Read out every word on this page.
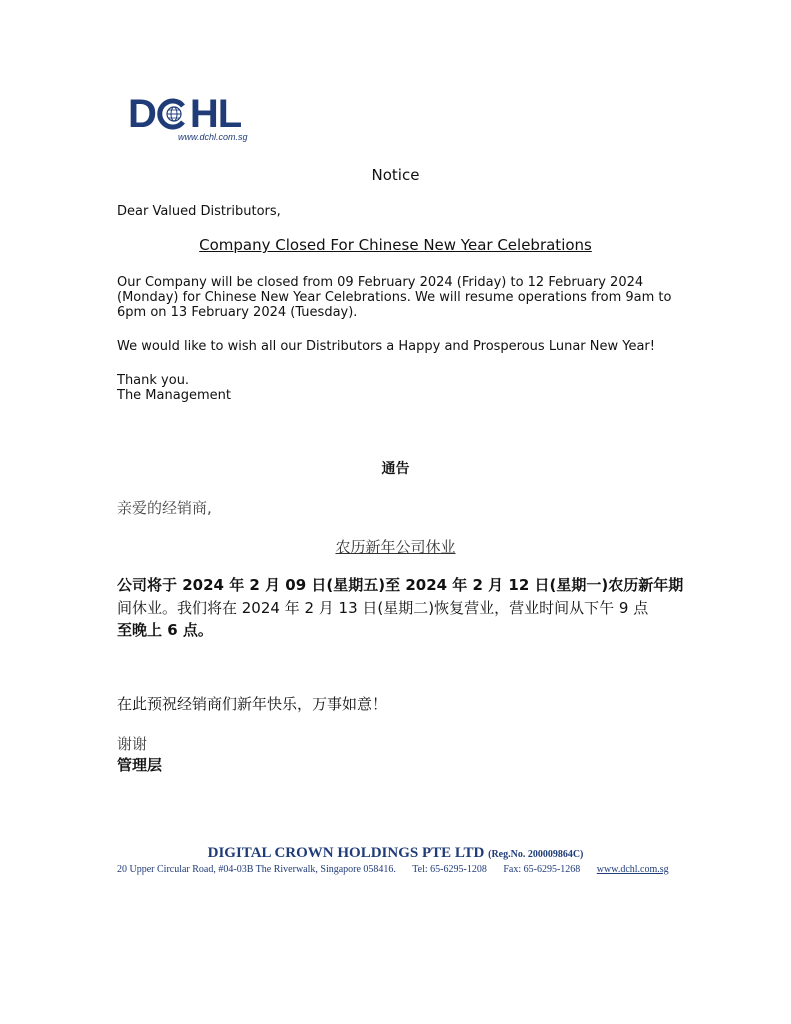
D HL
www.dchl.com.sg
Notice
Dear Valued Distributors,
Company Closed For Chinese New Year Celebrations
Our Company will be closed from 09 February 2024 (Friday) to 12 February 2024
(Monday) for Chinese New Year Celebrations. We will resume operations from 9am to
6pm on 13 February 2024 (Tuesday).
We would like to wish all our Distributors a Happy and Prosperous Lunar New Year!
Thank you.
The Management
通告
亲爱的经销商,
农历新年公司休业
公司将于 2024 年 2 月 09 日(星期五)至 2024 年 2 月 12 日(星期一)农历新年期
间休业。我们将在 2024 年 2 月 13 日(星期二)恢复营业，营业时间从下午 9 点
至晚上 6 点。
在此预祝经销商们新年快乐，万事如意！
谢谢
管理层
DIGITAL CROWN HOLDINGS PTE LTD (Reg.No. 200009864C)
20 Upper Circular Road, #04-03B The Riverwalk, Singapore 058416. Tel: 65-6295-1208 Fax: 65-6295-1268 www.dchl.com.sg
